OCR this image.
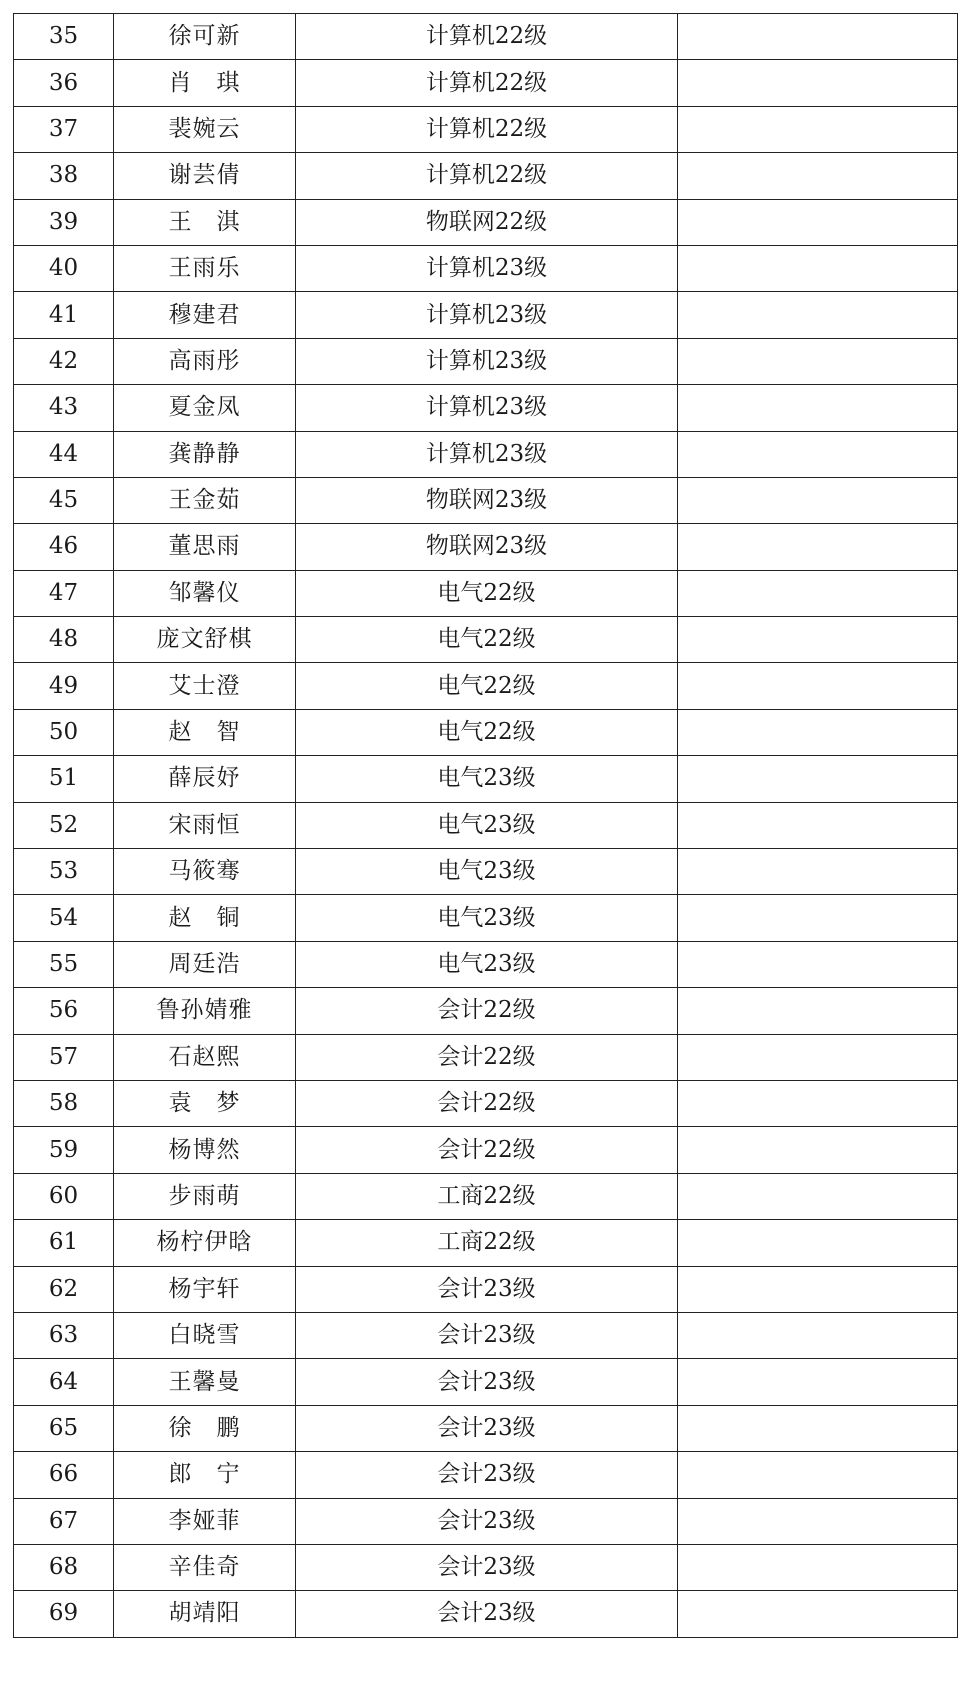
35	徐可新	计算机22级	
36	肖　琪	计算机22级	
37	裴婉云	计算机22级	
38	谢芸倩	计算机22级	
39	王　淇	物联网22级	
40	王雨乐	计算机23级	
41	穆建君	计算机23级	
42	高雨彤	计算机23级	
43	夏金凤	计算机23级	
44	龚静静	计算机23级	
45	王金茹	物联网23级	
46	董思雨	物联网23级	
47	邹馨仪	电气22级	
48	庞文舒棋	电气22级	
49	艾士澄	电气22级	
50	赵　智	电气22级	
51	薛辰妤	电气23级	
52	宋雨恒	电气23级	
53	马筱骞	电气23级	
54	赵　铜	电气23级	
55	周廷浩	电气23级	
56	鲁孙婧雅	会计22级	
57	石赵熙	会计22级	
58	袁　梦	会计22级	
59	杨博然	会计22级	
60	步雨萌	工商22级	
61	杨柠伊晗	工商22级	
62	杨宇轩	会计23级	
63	白晓雪	会计23级	
64	王馨曼	会计23级	
65	徐　鹏	会计23级	
66	郎　宁	会计23级	
67	李娅菲	会计23级	
68	辛佳奇	会计23级	
69	胡靖阳	会计23级	
